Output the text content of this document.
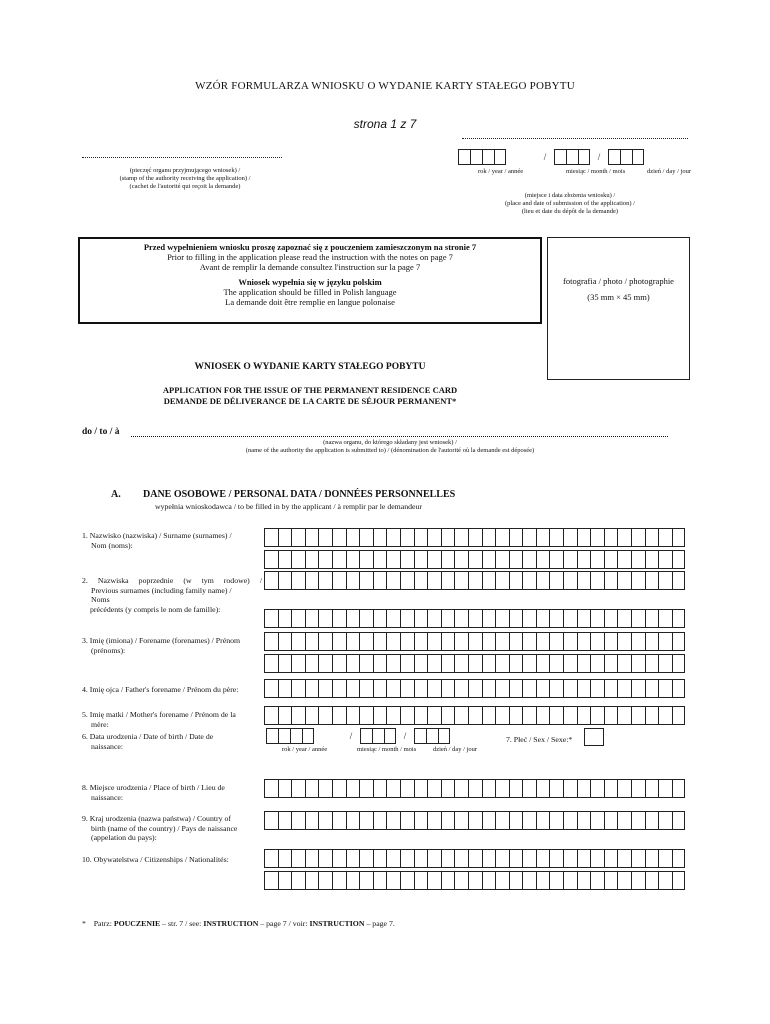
WZÓR FORMULARZA WNIOSKU O WYDANIE KARTY STAŁEGO POBYTU
strona 1 z 7
(pieczęć organu przyjmującego wniosek) /
(stamp of the authority receiving the application) /
(cachet de l'autorité qui reçoit la demande)
/	/
rok / year / année	miesiąc / month / mois	dzień / day / jour
(miejsce i data złożenia wniosku) /
(place and date of submission of the application) /
(lieu et date du dépôt de la demande)
Przed wypełnieniem wniosku proszę zapoznać się z pouczeniem zamieszczonym na stronie 7
Prior to filling in the application please read the instruction with the notes on page 7
Avant de remplir la demande consultez l'instruction sur la page 7
Wniosek wypełnia się w języku polskim
The application should be filled in Polish language
La demande doit être remplie en langue polonaise
fotografia / photo / photographie
(35 mm × 45 mm)
WNIOSEK O WYDANIE KARTY STAŁEGO POBYTU
APPLICATION FOR THE ISSUE OF THE PERMANENT RESIDENCE CARD
DEMANDE DE DÉLIVERANCE DE LA CARTE DE SÉJOUR PERMANENT*
do / to / à
(nazwa organu, do którego składany jest wniosek) /
(name of the authority the application is submitted to) / (dénomination de l'autorité où la demande est déposée)
A. DANE OSOBOWE / PERSONAL DATA / DONNÉES PERSONNELLES
wypełnia wnioskodawca / to be filled in by the applicant / à remplir par le demandeur
1. Nazwisko (nazwiska) / Surname (surnames) /
Nom (noms):
2. Nazwiska poprzednie (w tym rodowe) /
Previous surnames (including family name) /
Noms
précédents (y compris le nom de famille):
3. Imię (imiona) / Forename (forenames) / Prénom
(prénoms):
4. Imię ojca / Father's forename / Prénom du père:
5. Imię matki / Mother's forename / Prénom de la
mère:
6. Data urodzenia / Date of birth / Date de
naissance:
7. Płeć / Sex / Sexe:*
8. Miejsce urodzenia / Place of birth / Lieu de
naissance:
9. Kraj urodzenia (nazwa państwa) / Country of
birth (name of the country) / Pays de naissance
(appelation du pays):
10. Obywatelstwa / Citizenships / Nationalités:
/	/
rok / year / année	miesiąc / month / mois	dzień / day / jour
* Patrz: POUCZENIE – str. 7 / see: INSTRUCTION – page 7 / voir: INSTRUCTION – page 7.
